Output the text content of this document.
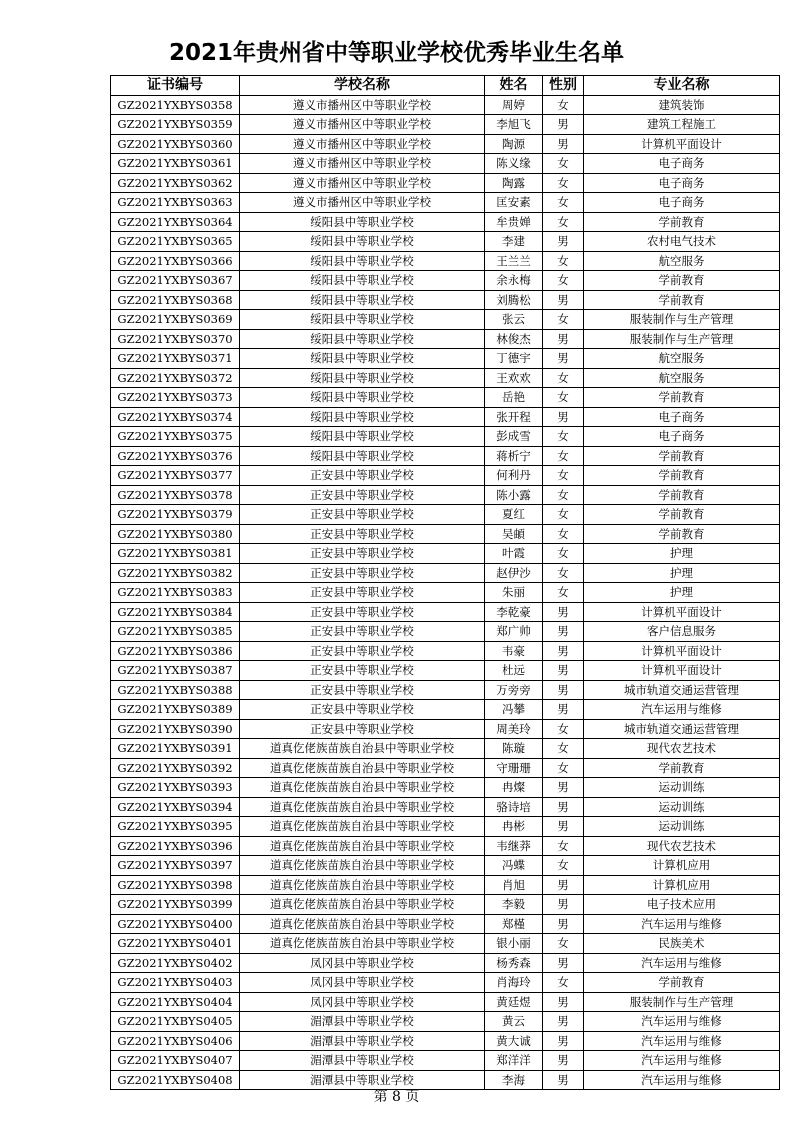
2021年贵州省中等职业学校优秀毕业生名单
证书编号	学校名称	姓名	性别	专业名称
GZ2021YXBYS0358	遵义市播州区中等职业学校	周婷	女	建筑装饰
GZ2021YXBYS0359	遵义市播州区中等职业学校	李旭飞	男	建筑工程施工
GZ2021YXBYS0360	遵义市播州区中等职业学校	陶源	男	计算机平面设计
GZ2021YXBYS0361	遵义市播州区中等职业学校	陈义缘	女	电子商务
GZ2021YXBYS0362	遵义市播州区中等职业学校	陶露	女	电子商务
GZ2021YXBYS0363	遵义市播州区中等职业学校	匡安素	女	电子商务
GZ2021YXBYS0364	绥阳县中等职业学校	牟贵婵	女	学前教育
GZ2021YXBYS0365	绥阳县中等职业学校	李建	男	农村电气技术
GZ2021YXBYS0366	绥阳县中等职业学校	王兰兰	女	航空服务
GZ2021YXBYS0367	绥阳县中等职业学校	余永梅	女	学前教育
GZ2021YXBYS0368	绥阳县中等职业学校	刘腾松	男	学前教育
GZ2021YXBYS0369	绥阳县中等职业学校	张云	女	服装制作与生产管理
GZ2021YXBYS0370	绥阳县中等职业学校	林俊杰	男	服装制作与生产管理
GZ2021YXBYS0371	绥阳县中等职业学校	丁德宇	男	航空服务
GZ2021YXBYS0372	绥阳县中等职业学校	王欢欢	女	航空服务
GZ2021YXBYS0373	绥阳县中等职业学校	岳艳	女	学前教育
GZ2021YXBYS0374	绥阳县中等职业学校	张开程	男	电子商务
GZ2021YXBYS0375	绥阳县中等职业学校	彭成雪	女	电子商务
GZ2021YXBYS0376	绥阳县中等职业学校	蒋析宁	女	学前教育
GZ2021YXBYS0377	正安县中等职业学校	何利丹	女	学前教育
GZ2021YXBYS0378	正安县中等职业学校	陈小露	女	学前教育
GZ2021YXBYS0379	正安县中等职业学校	夏红	女	学前教育
GZ2021YXBYS0380	正安县中等职业学校	吴頔	女	学前教育
GZ2021YXBYS0381	正安县中等职业学校	叶霞	女	护理
GZ2021YXBYS0382	正安县中等职业学校	赵伊沙	女	护理
GZ2021YXBYS0383	正安县中等职业学校	朱丽	女	护理
GZ2021YXBYS0384	正安县中等职业学校	李乾豪	男	计算机平面设计
GZ2021YXBYS0385	正安县中等职业学校	郑广帅	男	客户信息服务
GZ2021YXBYS0386	正安县中等职业学校	韦豪	男	计算机平面设计
GZ2021YXBYS0387	正安县中等职业学校	杜远	男	计算机平面设计
GZ2021YXBYS0388	正安县中等职业学校	万旁旁	男	城市轨道交通运营管理
GZ2021YXBYS0389	正安县中等职业学校	冯攀	男	汽车运用与维修
GZ2021YXBYS0390	正安县中等职业学校	周美玲	女	城市轨道交通运营管理
GZ2021YXBYS0391	道真仡佬族苗族自治县中等职业学校	陈璇	女	现代农艺技术
GZ2021YXBYS0392	道真仡佬族苗族自治县中等职业学校	守珊珊	女	学前教育
GZ2021YXBYS0393	道真仡佬族苗族自治县中等职业学校	冉燦	男	运动训练
GZ2021YXBYS0394	道真仡佬族苗族自治县中等职业学校	骆诗培	男	运动训练
GZ2021YXBYS0395	道真仡佬族苗族自治县中等职业学校	冉彬	男	运动训练
GZ2021YXBYS0396	道真仡佬族苗族自治县中等职业学校	韦继莽	女	现代农艺技术
GZ2021YXBYS0397	道真仡佬族苗族自治县中等职业学校	冯蝶	女	计算机应用
GZ2021YXBYS0398	道真仡佬族苗族自治县中等职业学校	肖旭	男	计算机应用
GZ2021YXBYS0399	道真仡佬族苗族自治县中等职业学校	李毅	男	电子技术应用
GZ2021YXBYS0400	道真仡佬族苗族自治县中等职业学校	郑槿	男	汽车运用与维修
GZ2021YXBYS0401	道真仡佬族苗族自治县中等职业学校	银小丽	女	民族美术
GZ2021YXBYS0402	凤冈县中等职业学校	杨秀森	男	汽车运用与维修
GZ2021YXBYS0403	凤冈县中等职业学校	肖海玲	女	学前教育
GZ2021YXBYS0404	凤冈县中等职业学校	黄廷煜	男	服装制作与生产管理
GZ2021YXBYS0405	湄潭县中等职业学校	黄云	男	汽车运用与维修
GZ2021YXBYS0406	湄潭县中等职业学校	黄大诚	男	汽车运用与维修
GZ2021YXBYS0407	湄潭县中等职业学校	郑洋洋	男	汽车运用与维修
GZ2021YXBYS0408	湄潭县中等职业学校	李海	男	汽车运用与维修
第 8 页
